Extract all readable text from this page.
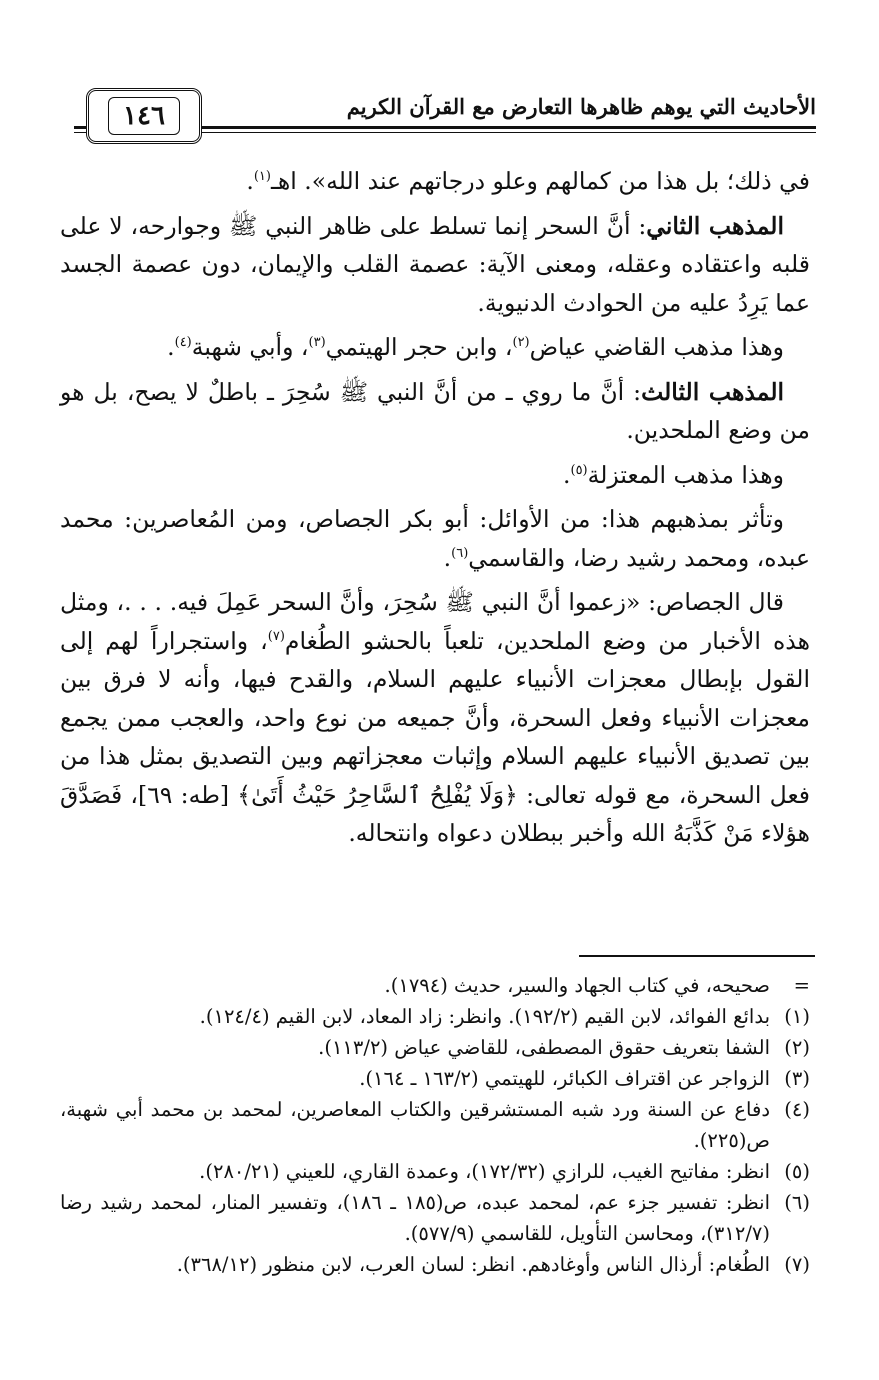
الأحاديث التي يوهم ظاهرها التعارض مع القرآن الكريم
١٤٦

في ذلك؛ بل هذا من كمالهم وعلو درجاتهم عند الله». اهـ$^{(١)}$.

المذهب الثاني: أنَّ السحر إنما تسلط على ظاهر النبي ﷺ وجوارحه، لا على قلبه واعتقاده وعقله، ومعنى الآية: عصمة القلب والإيمان، دون عصمة الجسد عما يَرِدُ عليه من الحوادث الدنيوية.

وهذا مذهب القاضي عياض$^{(٢)}$، وابن حجر الهيتمي$^{(٣)}$، وأبي شهبة$^{(٤)}$.

المذهب الثالث: أنَّ ما روي ـ من أنَّ النبي ﷺ سُحِرَ ـ باطلٌ لا يصح، بل هو من وضع الملحدين.

وهذا مذهب المعتزلة$^{(٥)}$.

وتأثر بمذهبهم هذا: من الأوائل: أبو بكر الجصاص، ومن المُعاصرين: محمد عبده، ومحمد رشيد رضا، والقاسمي$^{(٦)}$.

قال الجصاص: «زعموا أنَّ النبي ﷺ سُحِرَ، وأنَّ السحر عَمِلَ فيه. . . .، ومثل هذه الأخبار من وضع الملحدين، تلعباً بالحشو الطُغام$^{(٧)}$، واستجراراً لهم إلى القول بإبطال معجزات الأنبياء عليهم السلام، والقدح فيها، وأنه لا فرق بين معجزات الأنبياء وفعل السحرة، وأنَّ جميعه من نوع واحد، والعجب ممن يجمع بين تصديق الأنبياء عليهم السلام وإثبات معجزاتهم وبين التصديق بمثل هذا من فعل السحرة، مع قوله تعالى: ﴿وَلَا يُفْلِحُ ٱلسَّاحِرُ حَيْثُ أَتَىٰ﴾ [طه: ٦٩]، فَصَدَّقَ هؤلاء مَنْ كَذَّبَهُ الله وأخبر ببطلان دعواه وانتحاله.

=
صحيحه، في كتاب الجهاد والسير، حديث (١٧٩٤).
(١)
بدائع الفوائد، لابن القيم (١٩٢/٢). وانظر: زاد المعاد، لابن القيم (١٢٤/٤).
(٢)
الشفا بتعريف حقوق المصطفى، للقاضي عياض (١١٣/٢).
(٣)
الزواجر عن اقتراف الكبائر، للهيتمي (١٦٣/٢ ـ ١٦٤).
(٤)
دفاع عن السنة ورد شبه المستشرقين والكتاب المعاصرين، لمحمد بن محمد أبي شهبة، ص(٢٢٥).
(٥)
انظر: مفاتيح الغيب، للرازي (١٧٢/٣٢)، وعمدة القاري، للعيني (٢٨٠/٢١).
(٦)
انظر: تفسير جزء عم، لمحمد عبده، ص(١٨٥ ـ ١٨٦)، وتفسير المنار، لمحمد رشيد رضا (٣١٢/٧)، ومحاسن التأويل، للقاسمي (٥٧٧/٩).
(٧)
الطُغام: أرذال الناس وأوغادهم. انظر: لسان العرب، لابن منظور (٣٦٨/١٢).
